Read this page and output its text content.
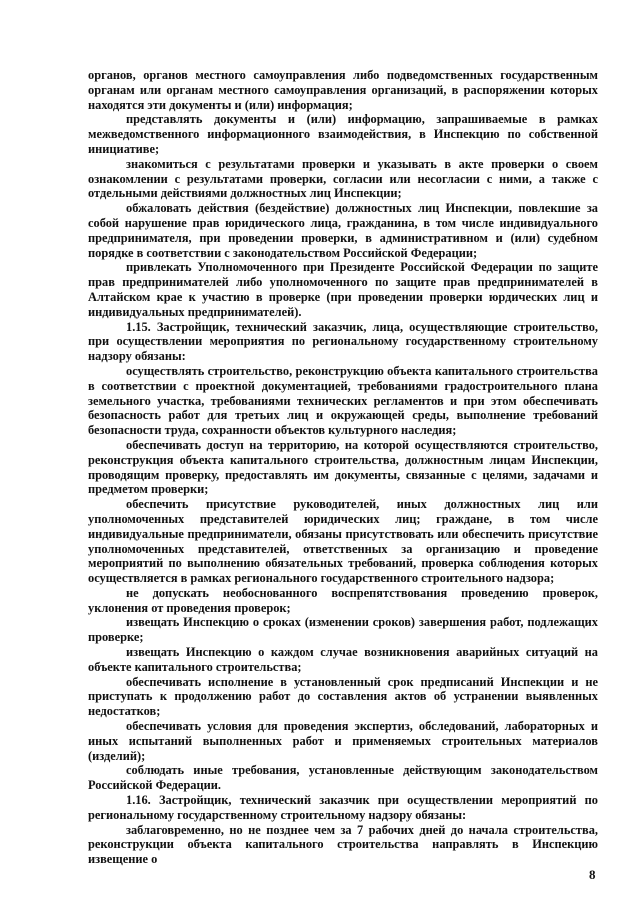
органов, органов местного самоуправления либо подведомственных государственным органам или органам местного самоуправления организаций, в распоряжении которых находятся эти документы и (или) информация;

представлять документы и (или) информацию, запрашиваемые в рамках межведомственного информационного взаимодействия, в Инспекцию по собственной инициативе;

знакомиться с результатами проверки и указывать в акте проверки о своем ознакомлении с результатами проверки, согласии или несогласии с ними, а также с отдельными действиями должностных лиц Инспекции;

обжаловать действия (бездействие) должностных лиц Инспекции, повлекшие за собой нарушение прав юридического лица, гражданина, в том числе индивидуального предпринимателя, при проведении проверки, в административном и (или) судебном порядке в соответствии с законодательством Российской Федерации;

привлекать Уполномоченного при Президенте Российской Федерации по защите прав предпринимателей либо уполномоченного по защите прав предпринимателей в Алтайском крае к участию в проверке (при проведении проверки юрдических лиц и индивидуальных предпринимателей).

1.15. Застройщик, технический заказчик, лица, осуществляющие строительство, при осуществлении мероприятия по региональному государственному строительному надзору обязаны:

осуществлять строительство, реконструкцию объекта капитального строительства в соответствии с проектной документацией, требованиями градостроительного плана земельного участка, требованиями технических регламентов и при этом обеспечивать безопасность работ для третьих лиц и окружающей среды, выполнение требований безопасности труда, сохранности объектов культурного наследия;

обеспечивать доступ на территорию, на которой осуществляются строительство, реконструкция объекта капитального строительства, должностным лицам Инспекции, проводящим проверку, предоставлять им документы, связанные с целями, задачами и предметом проверки;

обеспечить присутствие руководителей, иных должностных лиц или уполномоченных представителей юридических лиц; граждане, в том числе индивидуальные предприниматели, обязаны присутствовать или обеспечить присутствие уполномоченных представителей, ответственных за организацию и проведение мероприятий по выполнению обязательных требований, проверка соблюдения которых осуществляется в рамках регионального государственного строительного надзора;

не допускать необоснованного воспрепятствования проведению проверок, уклонения от проведения проверок;

извещать Инспекцию о сроках (изменении сроков) завершения работ, подлежащих проверке;

извещать Инспекцию о каждом случае возникновения аварийных ситуаций на объекте капитального строительства;

обеспечивать исполнение в установленный срок предписаний Инспекции и не приступать к продолжению работ до составления актов об устранении выявленных недостатков;

обеспечивать условия для проведения экспертиз, обследований, лабораторных и иных испытаний выполненных работ и применяемых строительных материалов (изделий);

соблюдать иные требования, установленные действующим законодательством Российской Федерации.

1.16. Застройщик, технический заказчик при осуществлении мероприятий по региональному государственному строительному надзору обязаны:

заблаговременно, но не позднее чем за 7 рабочих дней до начала строительства, реконструкции объекта капитального строительства направлять в Инспекцию извещение о

8
